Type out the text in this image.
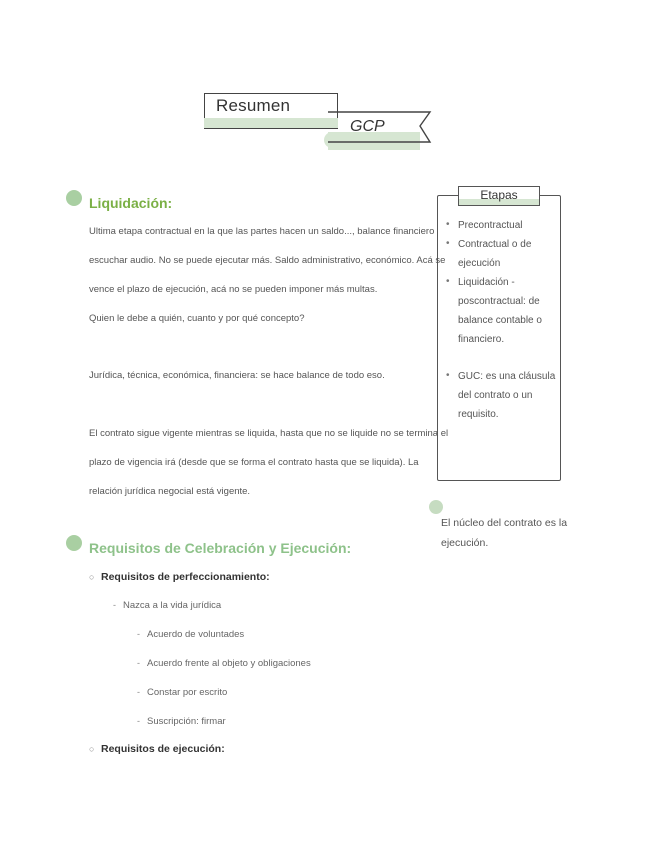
Resumen
GCP
Liquidación:
Ultima etapa contractual en la que las partes hacen un saldo..., balance financiero
escuchar audio. No se puede ejecutar más. Saldo administrativo, económico. Acá se
vence el plazo de ejecución, acá no se pueden imponer más multas.
Quien le debe a quién, cuanto y por qué concepto?
Jurídica, técnica, económica, financiera: se hace balance de todo eso.
El contrato sigue vigente mientras se liquida, hasta que no se liquide no se termina el
plazo de vigencia irá (desde que se forma el contrato hasta que se liquida). La
relación jurídica negocial está vigente.
Etapas
• Precontractual
• Contractual o de
ejecución
• Liquidación -
poscontractual: de
balance contable o
financiero.
• GUC: es una cláusula
del contrato o un
requisito.
El núcleo del contrato es la ejecución.
Requisitos de Celebración y Ejecución:
○ Requisitos de perfeccionamiento:
- Nazca a la vida jurídica
- Acuerdo de voluntades
- Acuerdo frente al objeto y obligaciones
- Constar por escrito
- Suscripción: firmar
○ Requisitos de ejecución:
